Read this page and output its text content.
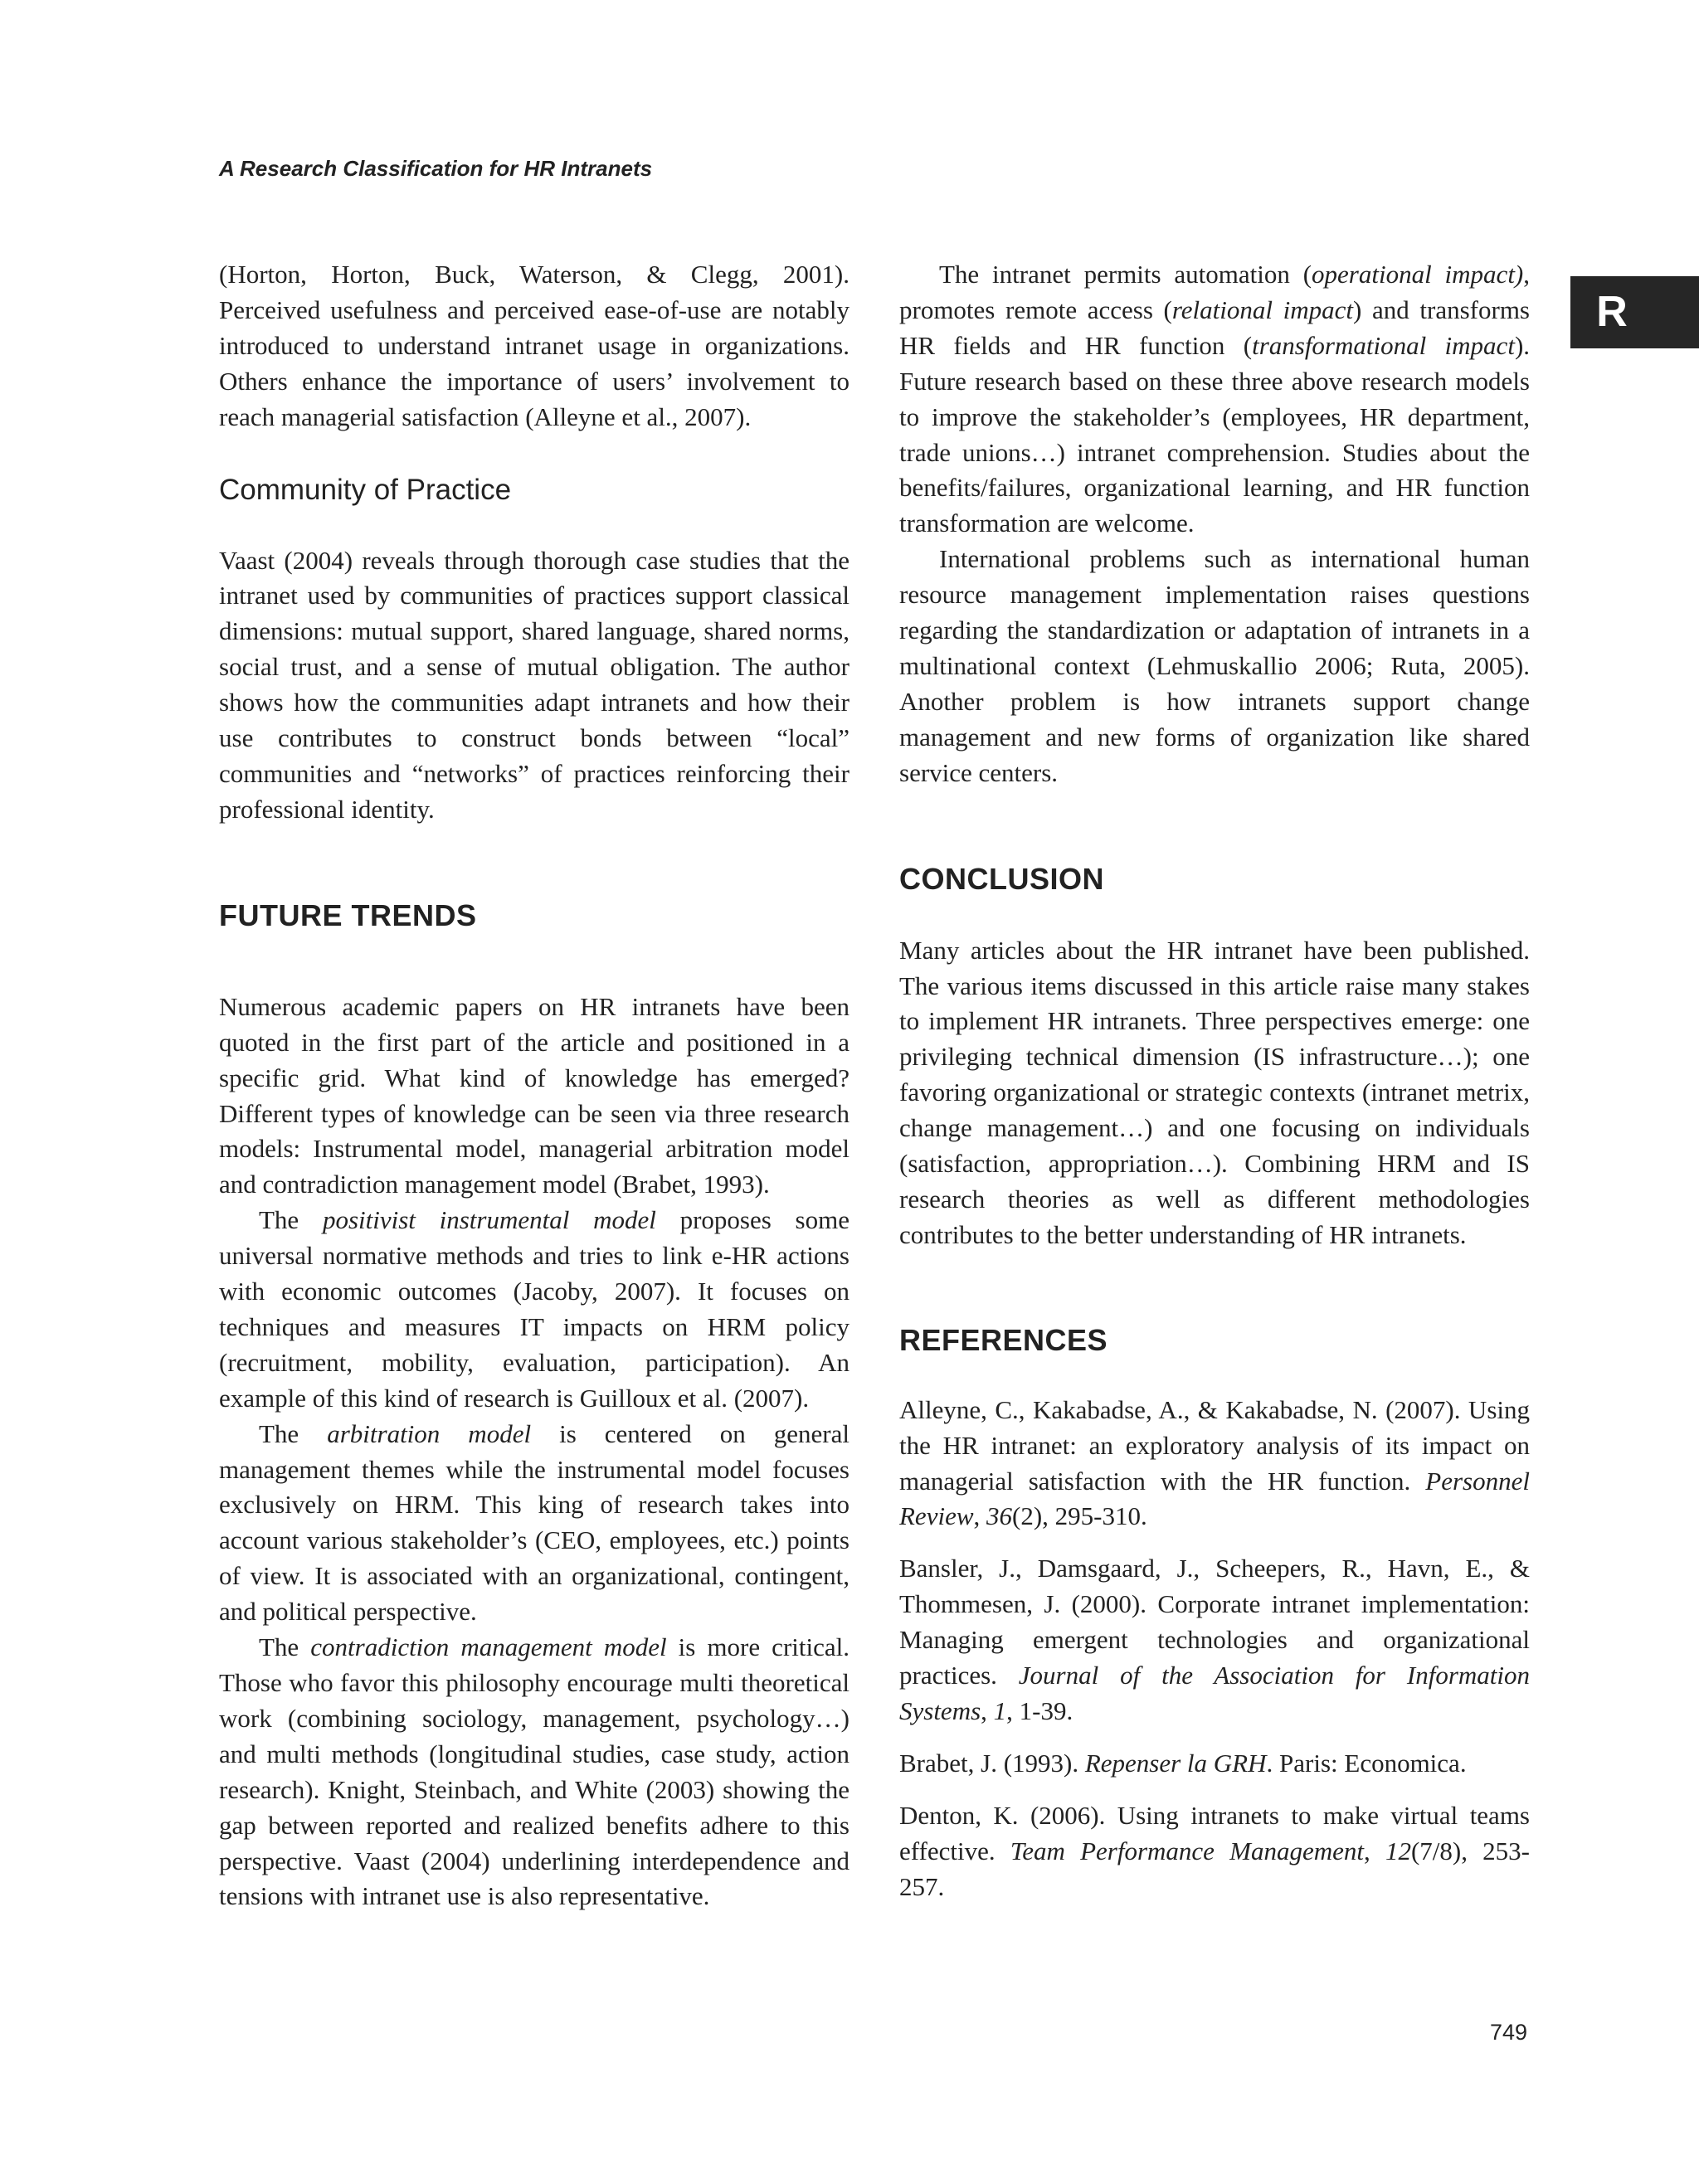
A Research Classification for HR Intranets
R

(Horton, Horton, Buck, Waterson, & Clegg, 2001). Perceived usefulness and perceived ease-of-use are notably introduced to understand intranet usage in organizations. Others enhance the importance of users’ involvement to reach managerial satisfaction (Alleyne et al., 2007).

Community of Practice

Vaast (2004) reveals through thorough case studies that the intranet used by communities of practices support classical dimensions: mutual support, shared language, shared norms, social trust, and a sense of mutual obligation. The author shows how the communities adapt intranets and how their use contributes to construct bonds between “local” communities and “networks” of practices reinforcing their professional identity.

FUTURE TRENDS

Numerous academic papers on HR intranets have been quoted in the first part of the article and positioned in a specific grid. What kind of knowledge has emerged? Different types of knowledge can be seen via three research models: Instrumental model, managerial arbitration model and contradiction management model (Brabet, 1993).

The positivist instrumental model proposes some universal normative methods and tries to link e-HR actions with economic outcomes (Jacoby, 2007). It focuses on techniques and measures IT impacts on HRM policy (recruitment, mobility, evaluation, participation). An example of this kind of research is Guilloux et al. (2007).

The arbitration model is centered on general management themes while the instrumental model focuses exclusively on HRM. This king of research takes into account various stakeholder’s (CEO, employees, etc.) points of view. It is associated with an organizational, contingent, and political perspective.

The contradiction management model is more critical. Those who favor this philosophy encourage multi theoretical work (combining sociology, management, psychology…) and multi methods (longitudinal studies, case study, action research). Knight, Steinbach, and White (2003) showing the gap between reported and realized benefits adhere to this perspective. Vaast (2004) underlining interdependence and tensions with intranet use is also representative.

The intranet permits automation (operational impact), promotes remote access (relational impact) and transforms HR fields and HR function (transformational impact). Future research based on these three above research models to improve the stakeholder’s (employees, HR department, trade unions…) intranet comprehension. Studies about the benefits/failures, organizational learning, and HR function transformation are welcome.

International problems such as international human resource management implementation raises questions regarding the standardization or adaptation of intranets in a multinational context (Lehmuskallio 2006; Ruta, 2005). Another problem is how intranets support change management and new forms of organization like shared service centers.

CONCLUSION

Many articles about the HR intranet have been published. The various items discussed in this article raise many stakes to implement HR intranets. Three perspectives emerge: one privileging technical dimension (IS infrastructure…); one favoring organizational or strategic contexts (intranet metrix, change management…) and one focusing on individuals (satisfaction, appropriation…). Combining HRM and IS research theories as well as different methodologies contributes to the better understanding of HR intranets.

REFERENCES

Alleyne, C., Kakabadse, A., & Kakabadse, N. (2007). Using the HR intranet: an exploratory analysis of its impact on managerial satisfaction with the HR function. Personnel Review, 36(2), 295-310.

Bansler, J., Damsgaard, J., Scheepers, R., Havn, E., & Thommesen, J. (2000). Corporate intranet implementation: Managing emergent technologies and organizational practices. Journal of the Association for Information Systems, 1, 1-39.

Brabet, J. (1993). Repenser la GRH. Paris: Economica.

Denton, K. (2006). Using intranets to make virtual teams effective. Team Performance Management, 12(7/8), 253-257.

749
